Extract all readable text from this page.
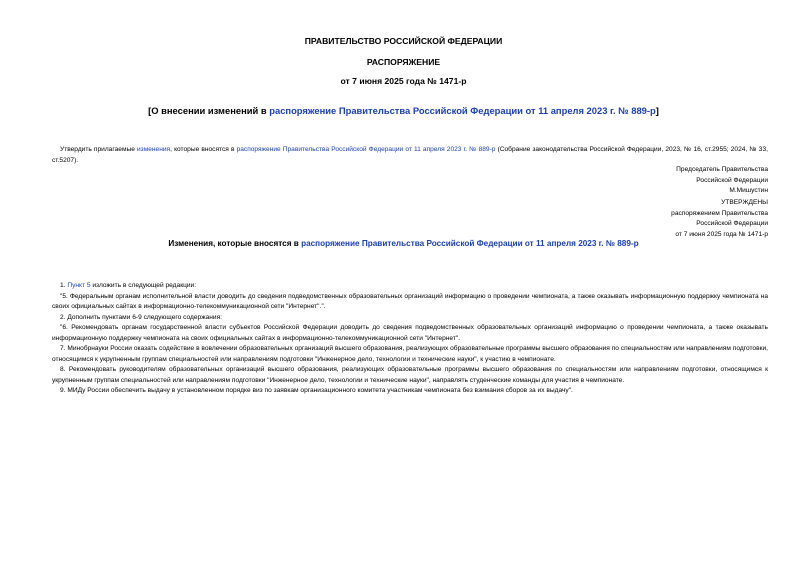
ПРАВИТЕЛЬСТВО РОССИЙСКОЙ ФЕДЕРАЦИИ
РАСПОРЯЖЕНИЕ
от 7 июня 2025 года № 1471-р
[О внесении изменений в распоряжение Правительства Российской Федерации от 11 апреля 2023 г. № 889-р]
Утвердить прилагаемые изменения, которые вносятся в распоряжение Правительства Российской Федерации от 11 апреля 2023 г. № 889-р (Собрание законодательства Российской Федерации, 2023, № 16, ст.2955; 2024, № 33, ст.5207).
Председатель Правительства
Российской Федерации
М.Мишустин
УТВЕРЖДЕНЫ
распоряжением Правительства
Российской Федерации
от 7 июня 2025 года № 1471-р
Изменения, которые вносятся в распоряжение Правительства Российской Федерации от 11 апреля 2023 г. № 889-р

1. Пункт 5 изложить в следующей редакции:

"5. Федеральным органам исполнительной власти доводить до сведения подведомственных образовательных организаций информацию о проведении чемпионата, а также оказывать информационную поддержку чемпионата на своих официальных сайтах в информационно-телекоммуникационной сети "Интернет".".

2. Дополнить пунктами 6-9 следующего содержания:

"6. Рекомендовать органам государственной власти субъектов Российской Федерации доводить до сведения подведомственных образовательных организаций информацию о проведении чемпионата, а также оказывать информационную поддержку чемпионата на своих официальных сайтах в информационно-телекоммуникационной сети "Интернет".

7. Минобрнауки России оказать содействие в вовлечении образовательных организаций высшего образования, реализующих образовательные программы высшего образования по специальностям или направлениям подготовки, относящимся к укрупненным группам специальностей или направлениям подготовки "Инженерное дело, технологии и технические науки", к участию в чемпионате.

8. Рекомендовать руководителям образовательных организаций высшего образования, реализующих образовательные программы высшего образования по специальностям или направлениям подготовки, относящимся к укрупненным группам специальностей или направлениям подготовки "Инженерное дело, технологии и технические науки", направлять студенческие команды для участия в чемпионате.

9. МИДу России обеспечить выдачу в установленном порядке виз по заявкам организационного комитета участникам чемпионата без взимания сборов за их выдачу".
